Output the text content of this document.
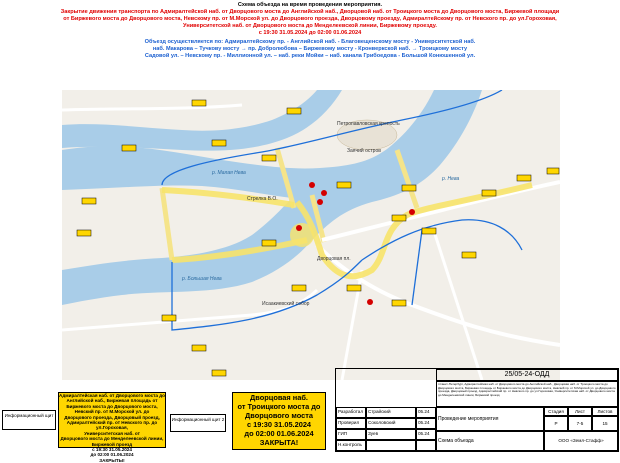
Схема объезда на время проведения мероприятия.
Закрытие движения транспорта по Адмиралтейской наб. от Дворцового моста до Английской наб., Дворцовой наб. от Троицкого моста до Дворцового моста, Биржевой площади
от Биржевого моста до Дворцового моста, Невскому пр. от М.Морской ул. до Дворцового проезда, Дворцовому проезду, Адмиралтейскому пр. от Невского пр. до ул.Гороховая,
Университетской наб. от Дворцового моста до Менделеевской линии, Биржевому проезду.
с 19:30 31.05.2024 до 02:00 01.06.2024
Объезд осуществляется по: Адмиралтейскому пр. - Английской наб. - Благовещенскому мосту - Университетской наб.
наб. Макарова – Тучкову мосту → пр. Добролюбова – Биржевому мосту - Кронверкской наб. → Троицкому мосту
Садовой ул. – Невскому пр. - Миллионной ул. – наб. реки Мойки – наб. канала Грибоедова - Большой Конюшенной ул.
р. Малая Нева
р. Большая Нева
р. Нева
Петропавловская крепость
Дворцовая пл.
Исаакиевский собор
Заячий остров
Стрелка В.О.
Информационный щит
Адмиралтейская наб. от Дворцового моста до
Английской наб., Биржевая площадь от
Биржевого моста до Дворцового моста,
Невский пр. от М.Морской ул. до
Дворцового проезда, Дворцовый проезд,
Адмиралтейский пр. от Невского пр. до ул.Гороховая,
Университетская наб. от
Дворцового моста до Менделеевской линии, Биржевой проезд
с 19:30 31.05.2024
до 02:00 01.06.2024
ЗАКРЫТЫ!
Информационный щит 2
Дворцовая наб.
от Троицкого моста до
Дворцового моста
с 19:30 31.05.2024
до 02:00 01.06.2024
ЗАКРЫТА!
25/05-24-ОДД
г.Санкт-Петербург, Адмиралтейская наб. от Дворцового моста до Английской наб., Дворцовая наб. от Троицкого моста до Дворцового моста, Биржевая площадь от Биржевого моста до Дворцового моста, Невский пр. от М.Морской ул. до Дворцового проезда, Дворцовый проезд, Адмиралтейский пр. от Невского пр. до ул.Гороховая, Университетская наб. от Дворцового моста до Менделеевской линии, Биржевой проезд
Разработал	Страйский	05.24
Проверил	Соколовский	05.24
ГИП	Зуев	05.24
Н.контроль
Проведение мероприятия
Стадия	Лист	Листов
Р	7-5	15
Схема объезда	ООО «Земл-Стафф»
